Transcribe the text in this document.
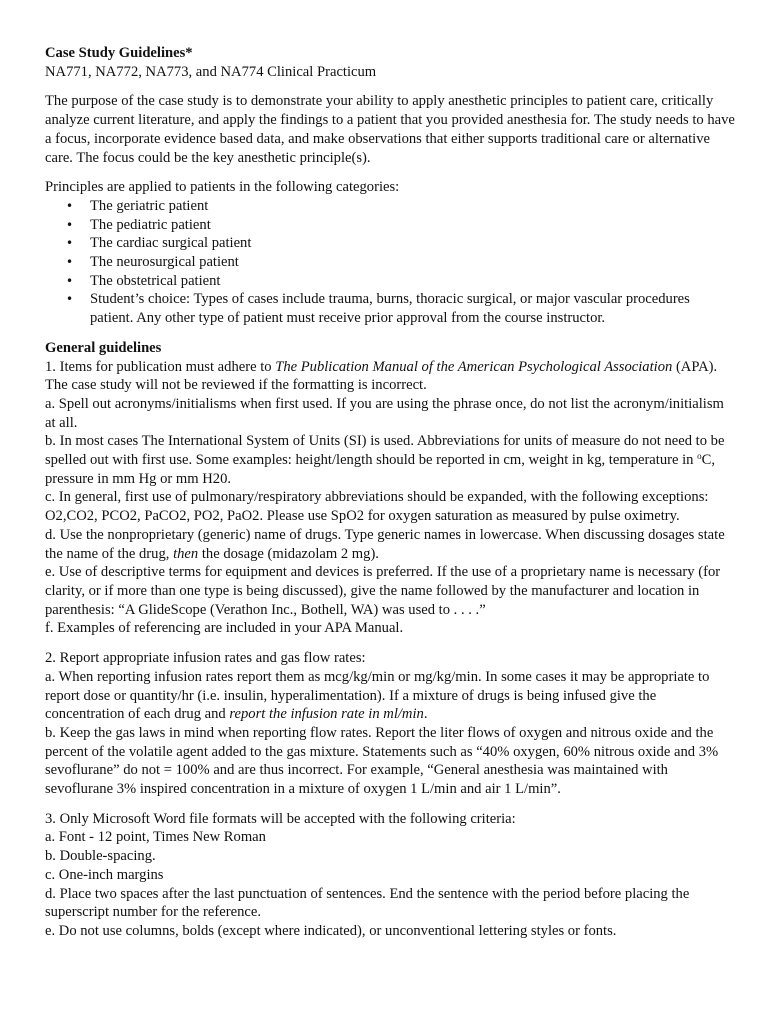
Case Study Guidelines*
NA771, NA772, NA773, and NA774 Clinical Practicum

The purpose of the case study is to demonstrate your ability to apply anesthetic principles to patient care, critically analyze current literature, and apply the findings to a patient that you provided anesthesia for. The study needs to have a focus, incorporate evidence based data, and make observations that either supports traditional care or alternative care. The focus could be the key anesthetic principle(s).

Principles are applied to patients in the following categories:

• The geriatric patient
• The pediatric patient
• The cardiac surgical patient
• The neurosurgical patient
• The obstetrical patient
• Student’s choice: Types of cases include trauma, burns, thoracic surgical, or major vascular procedures patient. Any other type of patient must receive prior approval from the course instructor.
General guidelines

1. Items for publication must adhere to The Publication Manual of the American Psychological Association (APA). The case study will not be reviewed if the formatting is incorrect.

a. Spell out acronyms/initialisms when first used. If you are using the phrase once, do not list the acronym/initialism at all.

b. In most cases The International System of Units (SI) is used. Abbreviations for units of measure do not need to be spelled out with first use. Some examples: height/length should be reported in cm, weight in kg, temperature in $^o$C, pressure in mm Hg or mm H20.

c. In general, first use of pulmonary/respiratory abbreviations should be expanded, with the following exceptions: O2,CO2, PCO2, PaCO2, PO2, PaO2. Please use SpO2 for oxygen saturation as measured by pulse oximetry.

d. Use the nonproprietary (generic) name of drugs. Type generic names in lowercase. When discussing dosages state the name of the drug, then the dosage (midazolam 2 mg).

e. Use of descriptive terms for equipment and devices is preferred. If the use of a proprietary name is necessary (for clarity, or if more than one type is being discussed), give the name followed by the manufacturer and location in parenthesis: “A GlideScope (Verathon Inc., Bothell, WA) was used to . . . .”

f. Examples of referencing are included in your APA Manual.

2. Report appropriate infusion rates and gas flow rates:

a. When reporting infusion rates report them as mcg/kg/min or mg/kg/min. In some cases it may be appropriate to report dose or quantity/hr (i.e. insulin, hyperalimentation). If a mixture of drugs is being infused give the concentration of each drug and report the infusion rate in ml/min.

b. Keep the gas laws in mind when reporting flow rates. Report the liter flows of oxygen and nitrous oxide and the percent of the volatile agent added to the gas mixture. Statements such as “40% oxygen, 60% nitrous oxide and 3% sevoflurane” do not = 100% and are thus incorrect. For example, “General anesthesia was maintained with sevoflurane 3% inspired concentration in a mixture of oxygen 1 L/min and air 1 L/min”.

3. Only Microsoft Word file formats will be accepted with the following criteria:

a. Font - 12 point, Times New Roman

b. Double-spacing.

c. One-inch margins

d. Place two spaces after the last punctuation of sentences. End the sentence with the period before placing the superscript number for the reference.

e. Do not use columns, bolds (except where indicated), or unconventional lettering styles or fonts.
